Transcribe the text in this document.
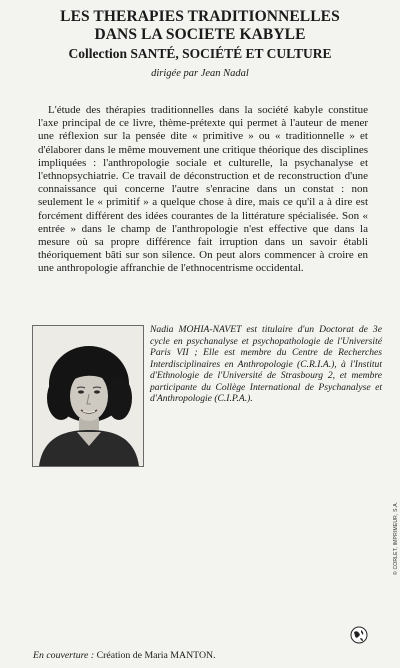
LES THERAPIES TRADITIONNELLES
DANS LA SOCIETE KABYLE
Collection SANTÉ, SOCIÉTÉ ET CULTURE
dirigée par Jean Nadal
L'étude des thérapies traditionnelles dans la société kabyle constitue l'axe principal de ce livre, thème-prétexte qui permet à l'auteur de mener une réflexion sur la pensée dite « primitive » ou « traditionnelle » et d'élaborer dans le même mouvement une critique théorique des disciplines impliquées : l'anthropologie sociale et culturelle, la psychanalyse et l'ethnopsychiatrie. Ce travail de déconstruction et de reconstruction d'une connaissance qui concerne l'autre s'enracine dans un constat : non seulement le « primitif » a quelque chose à dire, mais ce qu'il a à dire est forcément différent des idées courantes de la littérature spécialisée. Son « entrée » dans le champ de l'anthropologie n'est effective que dans la mesure où sa propre différence fait irruption dans un savoir établi théoriquement bâti sur son silence. On peut alors commencer à croire en une anthropologie affranchie de l'ethnocentrisme occidental.
Nadia MOHIA-NAVET est titulaire d'un Doctorat de 3e cycle en psychanalyse et psychopathologie de l'Université Paris VII ; Elle est membre du Centre de Recherches Interdisciplinaires en Anthropologie (C.R.I.A.), à l'Institut d'Ethnologie de l'Université de Strasbourg 2, et membre participante du Collège International de Psychanalyse et d'Anthropologie (C.I.P.A.).
© CORLET, IMPRIMEUR, S.A.
En couverture : Création de Maria MANTON.
